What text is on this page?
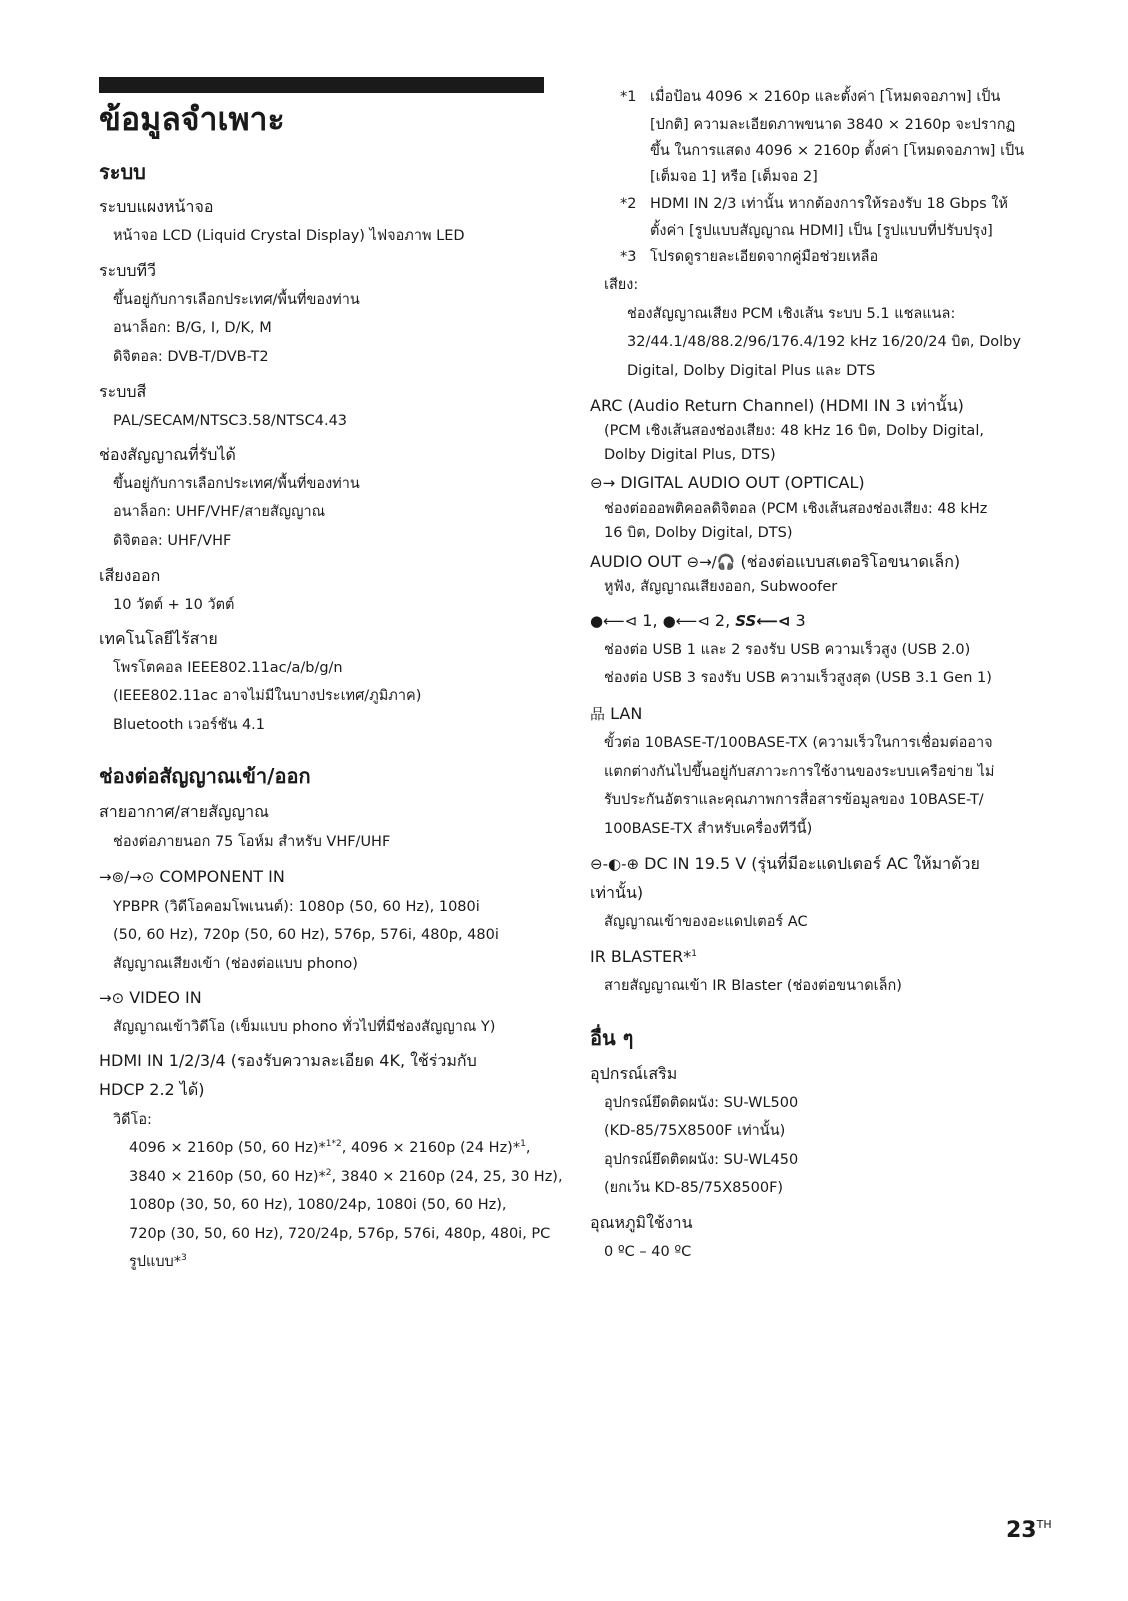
ข้อมูลจำเพาะ
ระบบ
ระบบแผงหน้าจอ
หน้าจอ LCD (Liquid Crystal Display) ไฟจอภาพ LED
ระบบทีวี
ขึ้นอยู่กับการเลือกประเทศ/พื้นที่ของท่าน
อนาล็อก: B/G, I, D/K, M
ดิจิตอล: DVB-T/DVB-T2
ระบบสี
PAL/SECAM/NTSC3.58/NTSC4.43
ช่องสัญญาณที่รับได้
ขึ้นอยู่กับการเลือกประเทศ/พื้นที่ของท่าน
อนาล็อก: UHF/VHF/สายสัญญาณ
ดิจิตอล: UHF/VHF
เสียงออก
10 วัตต์ + 10 วัตต์
เทคโนโลยีไร้สาย
โพรโตคอล IEEE802.11ac/a/b/g/n
(IEEE802.11ac อาจไม่มีในบางประเทศ/ภูมิภาค)
Bluetooth เวอร์ชัน 4.1
ช่องต่อสัญญาณเข้า/ออก
สายอากาศ/สายสัญญาณ
ช่องต่อภายนอก 75 โอห์ม สำหรับ VHF/UHF
→⊚/→⊙ COMPONENT IN
YPBPR (วิดีโอคอมโพเนนต์): 1080p (50, 60 Hz), 1080i
(50, 60 Hz), 720p (50, 60 Hz), 576p, 576i, 480p, 480i
สัญญาณเสียงเข้า (ช่องต่อแบบ phono)
→⊙ VIDEO IN
สัญญาณเข้าวิดีโอ (เข็มแบบ phono ทั่วไปที่มีช่องสัญญาณ Y)
HDMI IN 1/2/3/4 (รองรับความละเอียด 4K, ใช้ร่วมกับ
HDCP 2.2 ได้)
วิดีโอ:
4096 × 2160p (50, 60 Hz)*$^{1*2}$, 4096 × 2160p (24 Hz)*$^1$,
3840 × 2160p (50, 60 Hz)*$^2$, 3840 × 2160p (24, 25, 30 Hz),
1080p (30, 50, 60 Hz), 1080/24p, 1080i (50, 60 Hz),
720p (30, 50, 60 Hz), 720/24p, 576p, 576i, 480p, 480i, PC
รูปแบบ*$^3$
*1 เมื่อป้อน 4096 × 2160p และตั้งค่า [โหมดจอภาพ] เป็น
[ปกติ] ความละเอียดภาพขนาด 3840 × 2160p จะปรากฏ
ขึ้น ในการแสดง 4096 × 2160p ตั้งค่า [โหมดจอภาพ] เป็น
[เต็มจอ 1] หรือ [เต็มจอ 2]
*2 HDMI IN 2/3 เท่านั้น หากต้องการให้รองรับ 18 Gbps ให้
ตั้งค่า [รูปแบบสัญญาณ HDMI] เป็น [รูปแบบที่ปรับปรุง]
*3 โปรดดูรายละเอียดจากคู่มือช่วยเหลือ
เสียง:
ช่องสัญญาณเสียง PCM เชิงเส้น ระบบ 5.1 แชลแนล:
32/44.1/48/88.2/96/176.4/192 kHz 16/20/24 บิต, Dolby
Digital, Dolby Digital Plus และ DTS
ARC (Audio Return Channel) (HDMI IN 3 เท่านั้น)
(PCM เชิงเส้นสองช่องเสียง: 48 kHz 16 บิต, Dolby Digital,
Dolby Digital Plus, DTS)
⊖→ DIGITAL AUDIO OUT (OPTICAL)
ช่องต่อออพติคอลดิจิตอล (PCM เชิงเส้นสองช่องเสียง: 48 kHz
16 บิต, Dolby Digital, DTS)
AUDIO OUT ⊖→/🎧 (ช่องต่อแบบสเตอริโอขนาดเล็ก)
หูฟัง, สัญญาณเสียงออก, Subwoofer
●⟵⊲ 1, ●⟵⊲ 2, SS⟵⊲ 3
ช่องต่อ USB 1 และ 2 รองรับ USB ความเร็วสูง (USB 2.0)
ช่องต่อ USB 3 รองรับ USB ความเร็วสูงสุด (USB 3.1 Gen 1)
品 LAN
ขั้วต่อ 10BASE-T/100BASE-TX (ความเร็วในการเชื่อมต่ออาจ
แตกต่างกันไปขึ้นอยู่กับสภาวะการใช้งานของระบบเครือข่าย ไม่
รับประกันอัตราและคุณภาพการสื่อสารข้อมูลของ 10BASE-T/
100BASE-TX สำหรับเครื่องทีวีนี้)
⊖-◐-⊕ DC IN 19.5 V (รุ่นที่มีอะแดปเตอร์ AC ให้มาด้วย
เท่านั้น)
สัญญาณเข้าของอะแดปเตอร์ AC
IR BLASTER*$^1$
สายสัญญาณเข้า IR Blaster (ช่องต่อขนาดเล็ก)
อื่น ๆ
อุปกรณ์เสริม
อุปกรณ์ยึดติดผนัง: SU-WL500
(KD-85/75X8500F เท่านั้น)
อุปกรณ์ยึดติดผนัง: SU-WL450
(ยกเว้น KD-85/75X8500F)
อุณหภูมิใช้งาน
0 ºC – 40 ºC
23TH
